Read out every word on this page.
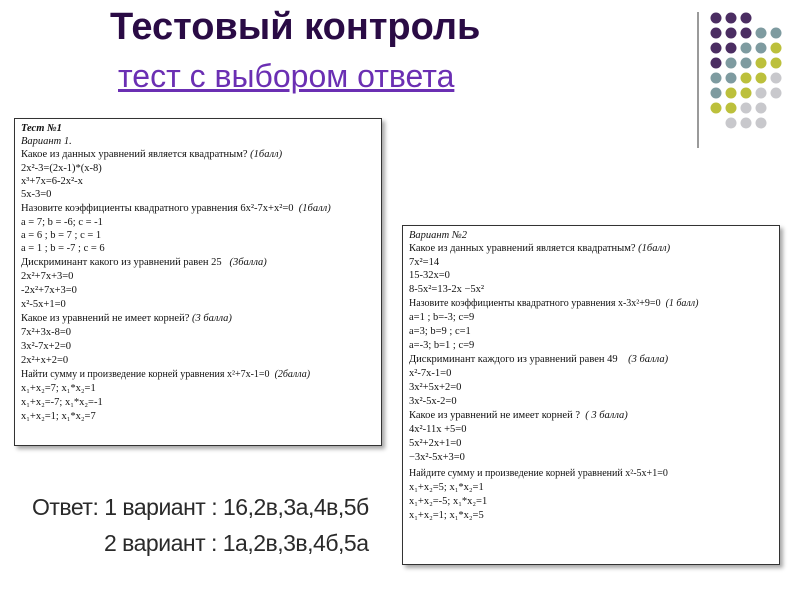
Тестовый контроль
тест с выбором ответа
Тест №1
Вариант 1.
Какое из данных уравнений является квадратным? (1балл)
2x²-3=(2x-1)*(x-8)
x³+7x=6-2x²-x
5x-3=0
Назовите коэффициенты квадратного уравнения 6x²-7x+x²=0 (1балл)
a = 7; b = -6; c = -1
a = 6 ; b = 7 ; c = 1
a = 1 ; b = -7 ; c = 6
Дискриминант какого из уравнений равен 25 (3балла)
2x²+7x+3=0
-2x²+7x+3=0
x²-5x+1=0
Какое из уравнений не имеет корней? (3 балла)
7x²+3x-8=0
3x²-7x+2=0
2x²+x+2=0
Найти сумму и произведение корней уравнения x²+7x-1=0 (2балла)
x₁+x₂=7; x₁*x₂=1
x₁+x₂=-7; x₁*x₂=-1
x₁+x₂=1; x₁*x₂=7
Вариант №2
Какое из данных уравнений является квадратным? (1балл)
7x²=14
15-32x=0
8-5x²=13-2x −5x²
Назовите коэффициенты квадратного уравнения x-3x²+9=0 (1 балл)
a=1 ; b=-3; c=9
a=3; b=9 ; c=1
a=-3; b=1 ; c=9
Дискриминант каждого из уравнений равен 49 (3 балла)
x²-7x-1=0
3x²+5x+2=0
3x²-5x-2=0
Какое из уравнений не имеет корней ? ( 3 балла)
4x²-11x +5=0
5x²+2x+1=0
−3x²-5x+3=0
Найдите сумму и произведение корней уравнений x²-5x+1=0
x₁+x₂=5; x₁*x₂=1
x₁+x₂=-5; x₁*x₂=1
x₁+x₂=1; x₁*x₂=5
Ответ: 1 вариант : 16,2в,3а,4в,5б
2 вариант : 1а,2в,3в,4б,5а
